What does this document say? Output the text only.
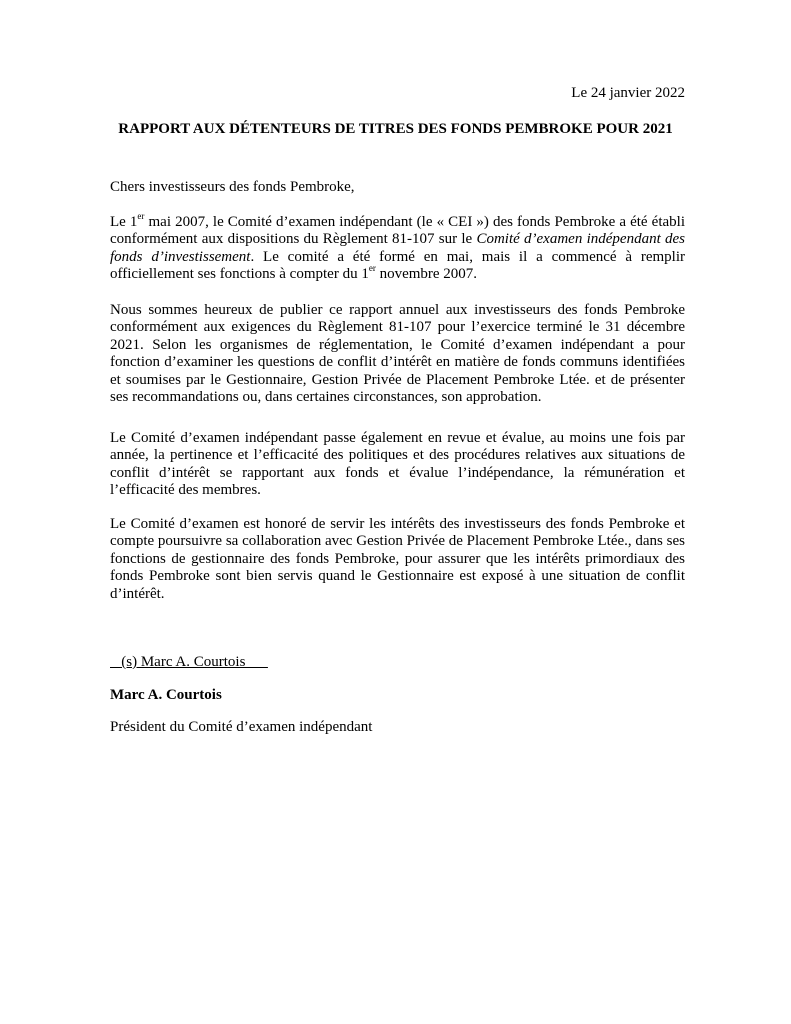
Le 24 janvier 2022
RAPPORT AUX DÉTENTEURS DE TITRES DES FONDS PEMBROKE POUR 2021
Chers investisseurs des fonds Pembroke,
Le 1er mai 2007, le Comité d’examen indépendant (le « CEI ») des fonds Pembroke a été établi conformément aux dispositions du Règlement 81-107 sur le Comité d’examen indépendant des fonds d’investissement. Le comité a été formé en mai, mais il a commencé à remplir officiellement ses fonctions à compter du 1er novembre 2007.
Nous sommes heureux de publier ce rapport annuel aux investisseurs des fonds Pembroke conformément aux exigences du Règlement 81-107 pour l’exercice terminé le 31 décembre 2021. Selon les organismes de réglementation, le Comité d’examen indépendant a pour fonction d’examiner les questions de conflit d’intérêt en matière de fonds communs identifiées et soumises par le Gestionnaire, Gestion Privée de Placement Pembroke Ltée. et de présenter ses recommandations ou, dans certaines circonstances, son approbation.
Le Comité d’examen indépendant passe également en revue et évalue, au moins une fois par année, la pertinence et l’efficacité des politiques et des procédures relatives aux situations de conflit d’intérêt se rapportant aux fonds et évalue l’indépendance, la rémunération et l’efficacité des membres.
Le Comité d’examen est honoré de servir les intérêts des investisseurs des fonds Pembroke et compte poursuivre sa collaboration avec Gestion Privée de Placement Pembroke Ltée., dans ses fonctions de gestionnaire des fonds Pembroke, pour assurer que les intérêts primordiaux des fonds Pembroke sont bien servis quand le Gestionnaire est exposé à une situation de conflit d’intérêt.
(s) Marc A. Courtois
Marc A. Courtois
Président du Comité d’examen indépendant
